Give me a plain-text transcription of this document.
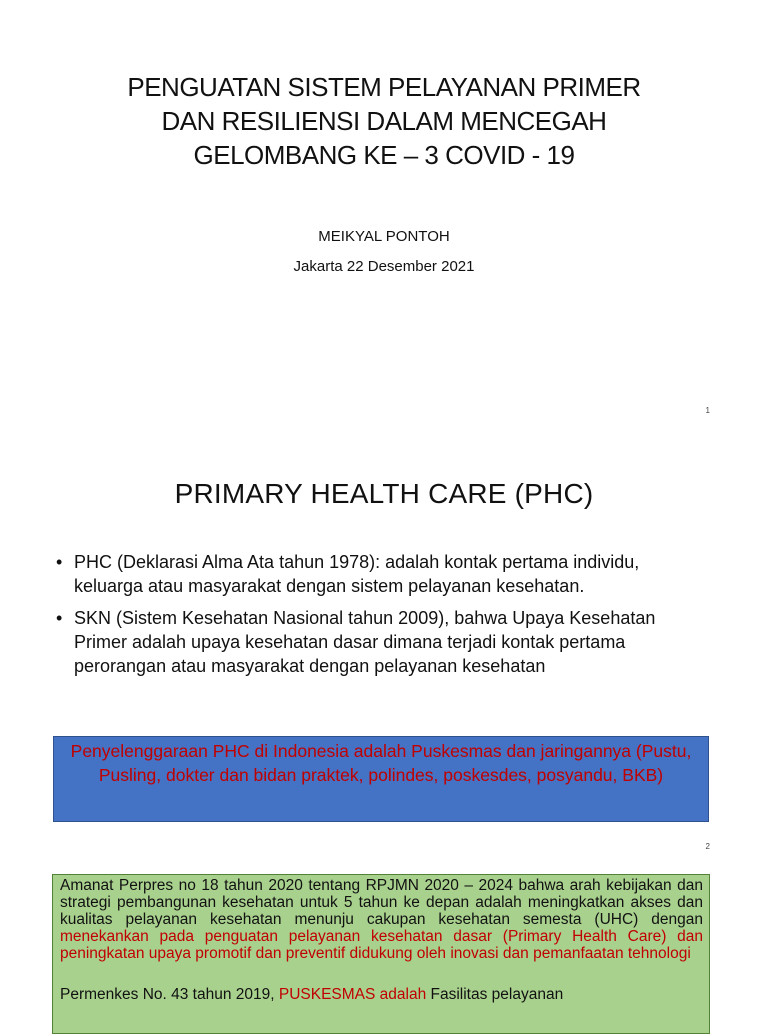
PENGUATAN SISTEM PELAYANAN PRIMER
DAN RESILIENSI DALAM MENCEGAH
GELOMBANG KE – 3 COVID - 19
MEIKYAL PONTOH
Jakarta 22 Desember 2021
1
PRIMARY HEALTH CARE (PHC)
• PHC (Deklarasi Alma Ata tahun 1978): adalah kontak pertama individu, keluarga atau masyarakat dengan sistem pelayanan kesehatan.
• SKN (Sistem Kesehatan Nasional tahun 2009), bahwa Upaya Kesehatan Primer adalah upaya kesehatan dasar dimana terjadi kontak pertama perorangan atau masyarakat dengan pelayanan kesehatan
Penyelenggaraan PHC di Indonesia adalah Puskesmas dan jaringannya (Pustu, Pusling, dokter dan bidan praktek, polindes, poskesdes, posyandu, BKB)
2

Amanat Perpres no 18 tahun 2020 tentang RPJMN 2020 – 2024 bahwa arah kebijakan dan strategi pembangunan kesehatan untuk 5 tahun ke depan adalah meningkatkan akses dan kualitas pelayanan kesehatan menunju cakupan kesehatan semesta (UHC) dengan menekankan pada penguatan pelayanan kesehatan dasar (Primary Health Care) dan peningkatan upaya promotif dan preventif didukung oleh inovasi dan pemanfaatan tehnologi

Permenkes No. 43 tahun 2019, PUSKESMAS adalah Fasilitas pelayanan
